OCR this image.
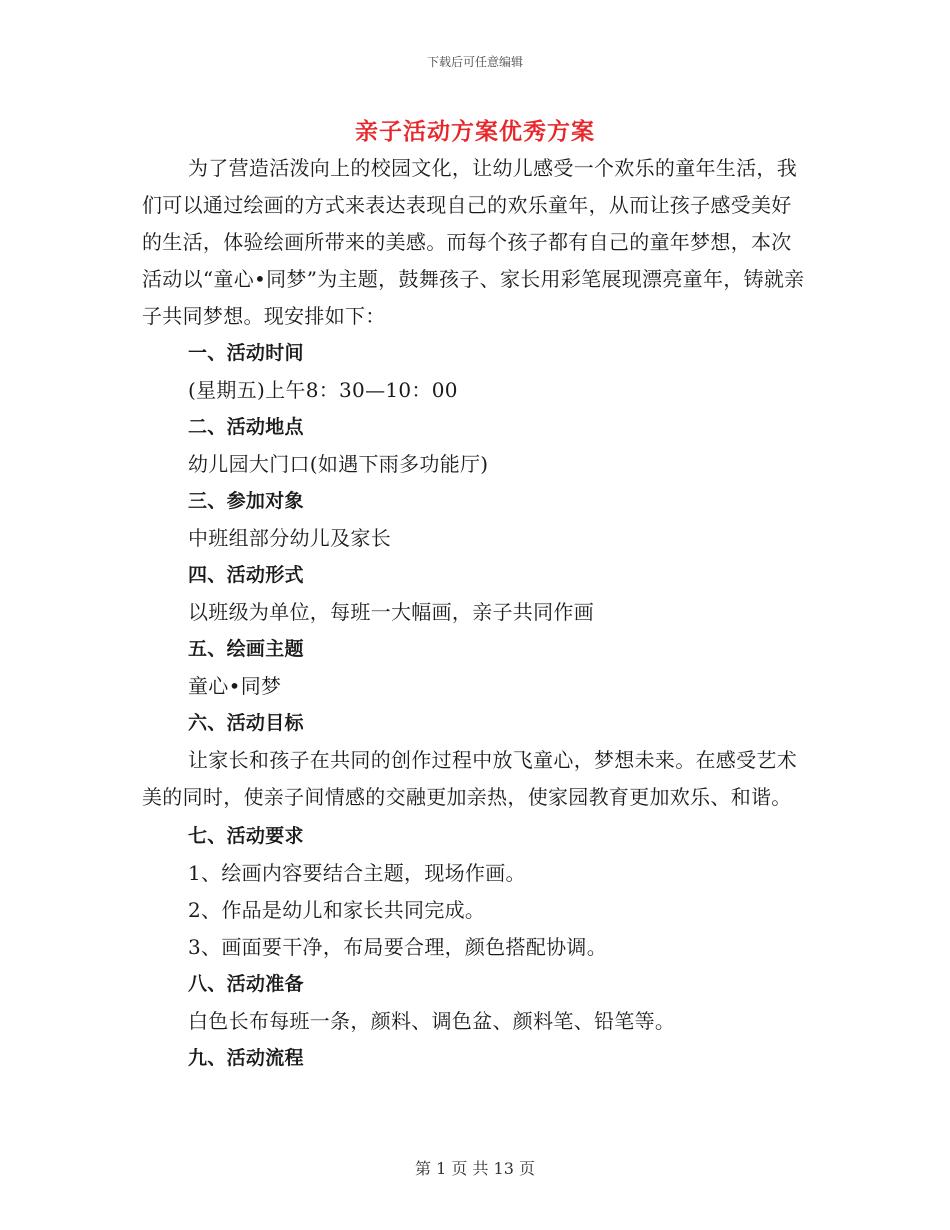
下载后可任意编辑
亲子活动方案优秀方案

为了营造活泼向上的校园文化，让幼儿感受一个欢乐的童年生活，我们可以通过绘画的方式来表达表现自己的欢乐童年，从而让孩子感受美好的生活，体验绘画所带来的美感。而每个孩子都有自己的童年梦想，本次活动以“童心•同梦”为主题，鼓舞孩子、家长用彩笔展现漂亮童年，铸就亲子共同梦想。现安排如下：

一、活动时间

(星期五)上午8：30—10：00

二、活动地点

幼儿园大门口(如遇下雨多功能厅)

三、参加对象

中班组部分幼儿及家长

四、活动形式

以班级为单位，每班一大幅画，亲子共同作画

五、绘画主题

童心•同梦

六、活动目标

让家长和孩子在共同的创作过程中放飞童心，梦想未来。在感受艺术美的同时，使亲子间情感的交融更加亲热，使家园教育更加欢乐、和谐。

七、活动要求

1、绘画内容要结合主题，现场作画。

2、作品是幼儿和家长共同完成。

3、画面要干净，布局要合理，颜色搭配协调。

八、活动准备

白色长布每班一条，颜料、调色盆、颜料笔、铅笔等。

九、活动流程

第 1 页 共 13 页
